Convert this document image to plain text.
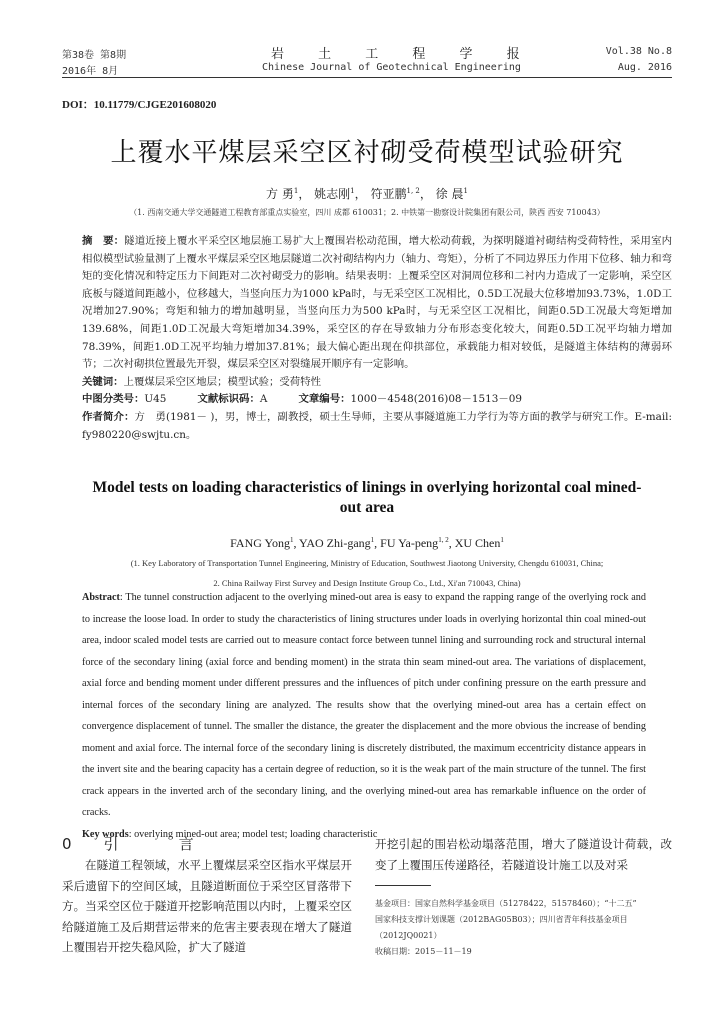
第38卷 第8期
2016年 8月
岩 土 工 程 学 报
Chinese Journal of Geotechnical Engineering
Vol.38 No.8
Aug. 2016
DOI：10.11779/CJGE201608020
上覆水平煤层采空区衬砌受荷模型试验研究
方 勇$^1$， 姚志刚$^1$， 符亚鹏$^{1, 2}$， 徐 晨$^1$
（1. 西南交通大学交通隧道工程教育部重点实验室，四川 成都 610031；2. 中铁第一勘察设计院集团有限公司，陕西 西安 710043）

摘　要：隧道近接上覆水平采空区地层施工易扩大上覆围岩松动范围，增大松动荷载，为探明隧道衬砌结构受荷特性，采用室内相似模型试验量测了上覆水平煤层采空区地层隧道二次衬砌结构内力（轴力、弯矩），分析了不同边界压力作用下位移、轴力和弯矩的变化情况和特定压力下间距对二次衬砌受力的影响。结果表明：上覆采空区对洞周位移和二衬内力造成了一定影响，采空区底板与隧道间距越小，位移越大，当竖向压力为1000 kPa时，与无采空区工况相比，0.5D工况最大位移增加93.73%，1.0D工况增加27.90%；弯矩和轴力的增加越明显，当竖向压力为500 kPa时，与无采空区工况相比，间距0.5D工况最大弯矩增加139.68%，间距1.0D工况最大弯矩增加34.39%，采空区的存在导致轴力分布形态变化较大，间距0.5D工况平均轴力增加78.39%，间距1.0D工况平均轴力增加37.81%；最大偏心距出现在仰拱部位，承载能力相对较低，是隧道主体结构的薄弱环节；二次衬砌拱位置最先开裂，煤层采空区对裂缝展开顺序有一定影响。

关键词：上覆煤层采空区地层；模型试验；受荷特性

中图分类号：U45   	文献标识码：A   	文章编号：1000－4548(2016)08－1513－09

作者简介：方　勇(1981－ )，男，博士，副教授，硕士生导师，主要从事隧道施工力学行为等方面的教学与研究工作。E-mail: fy980220@swjtu.cn。

Model tests on loading characteristics of linings in overlying horizontal coal mined-out area
FANG Yong$^1$, YAO Zhi-gang$^1$, FU Ya-peng$^{1, 2}$, XU Chen$^1$
(1. Key Laboratory of Transportation Tunnel Engineering, Ministry of Education, Southwest Jiaotong University, Chengdu 610031, China;
2. China Railway First Survey and Design Institute Group Co., Ltd., Xi'an 710043, China)

Abstract: The tunnel construction adjacent to the overlying mined-out area is easy to expand the rapping range of the overlying rock and to increase the loose load. In order to study the characteristics of lining structures under loads in overlying horizontal thin coal mined-out area, indoor scaled model tests are carried out to measure contact force between tunnel lining and surrounding rock and structural internal force of the secondary lining (axial force and bending moment) in the strata thin seam mined-out area. The variations of displacement, axial force and bending moment under different pressures and the influences of pitch under confining pressure on the earth pressure and internal forces of the secondary lining are analyzed. The results show that the overlying mined-out area has a certain effect on convergence displacement of tunnel. The smaller the distance, the greater the displacement and the more obvious the increase of bending moment and axial force. The internal force of the secondary lining is discretely distributed, the maximum eccentricity distance appears in the invert site and the bearing capacity has a certain degree of reduction, so it is the weak part of the main structure of the tunnel. The first crack appears in the inverted arch of the secondary lining, and the overlying mined-out area has remarkable influence on the order of cracks.

Key words: overlying mined-out area; model test; loading characteristic

0 引	言

在隧道工程领域，水平上覆煤层采空区指水平煤层开采后遗留下的空间区域，且隧道断面位于采空区冒落带下方。当采空区位于隧道开挖影响范围以内时，上覆采空区给隧道施工及后期营运带来的危害主要表现在增大了隧道上覆围岩开挖失稳风险，扩大了隧道

开挖引起的围岩松动塌落范围，增大了隧道设计荷载，改变了上覆围压传递路径，若隧道设计施工以及对采

基金项目：国家自然科学基金项目（51278422，51578460）；“十二五”

国家科技支撑计划课题（2012BAG05B03）；四川省青年科技基金项目

（2012JQ0021）

收稿日期：2015－11－19
